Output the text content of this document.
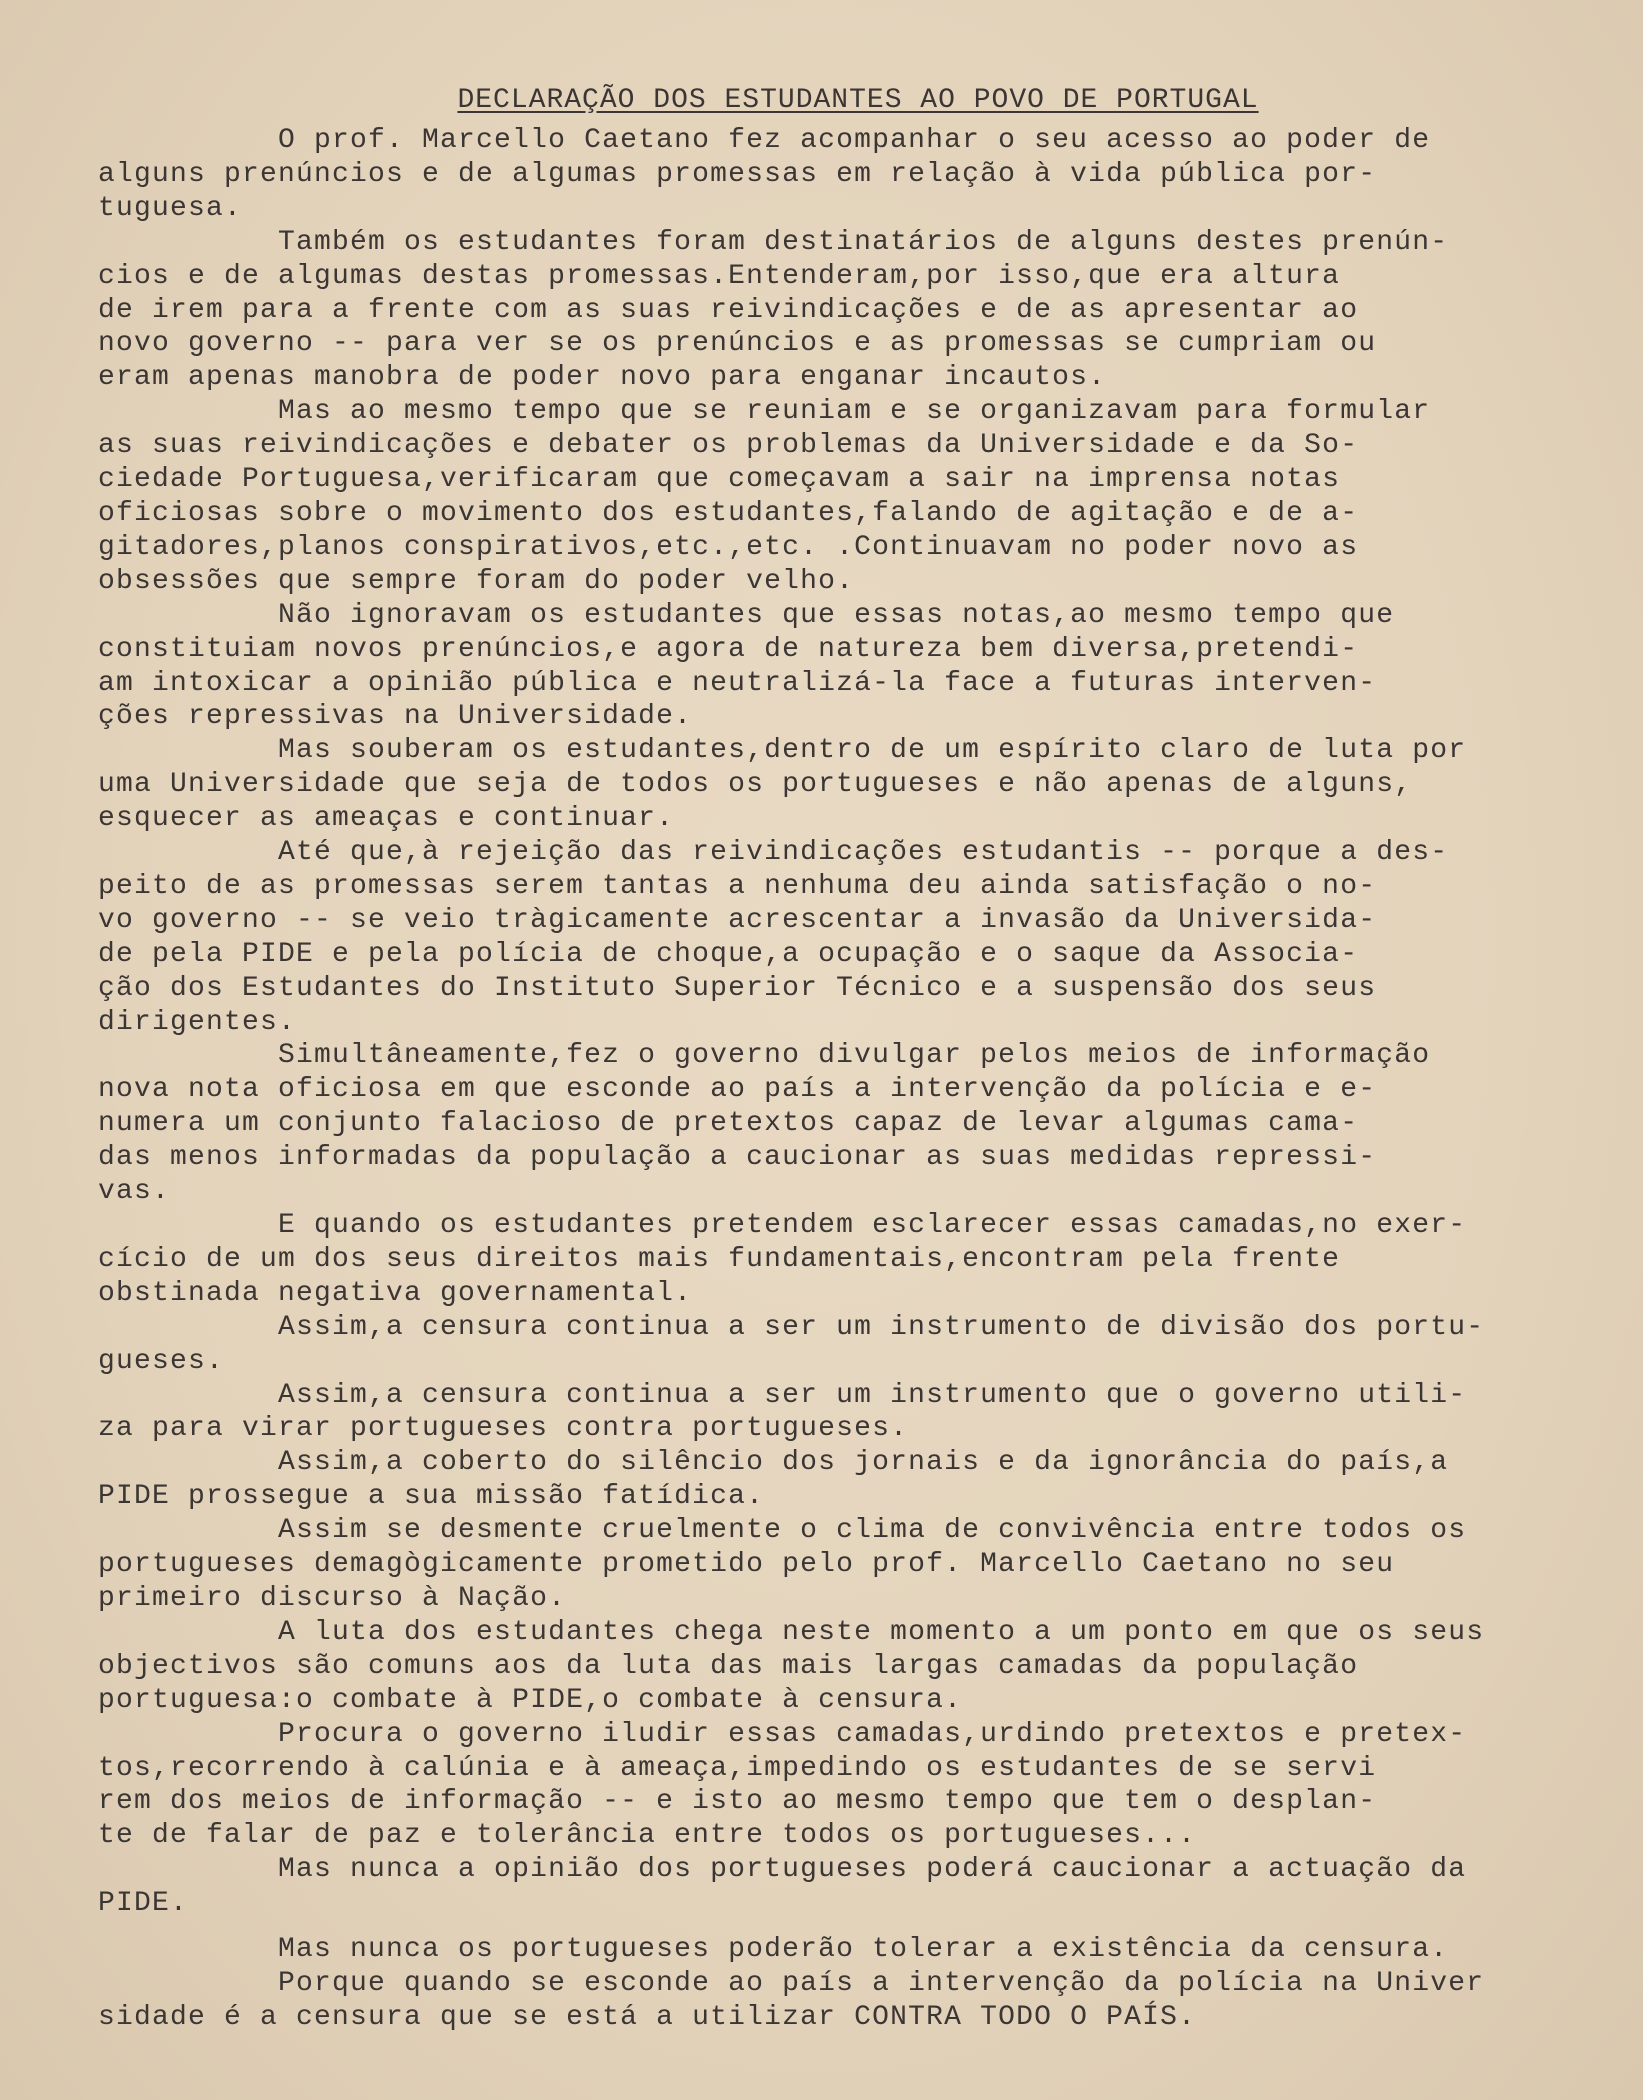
DECLARAÇÃO DOS ESTUDANTES AO POVO DE PORTUGAL
O prof. Marcello Caetano fez acompanhar o seu acesso ao poder de
alguns prenúncios e de algumas promessas em relação à vida pública por-
tuguesa.
Também os estudantes foram destinatários de alguns destes prenún-
cios e de algumas destas promessas.Entenderam,por isso,que era altura
de irem para a frente com as suas reivindicações e de as apresentar ao
novo governo -- para ver se os prenúncios e as promessas se cumpriam ou
eram apenas manobra de poder novo para enganar incautos.
Mas ao mesmo tempo que se reuniam e se organizavam para formular
as suas reivindicações e debater os problemas da Universidade e da So-
ciedade Portuguesa,verificaram que começavam a sair na imprensa notas
oficiosas sobre o movimento dos estudantes,falando de agitação e de a-
gitadores,planos conspirativos,etc.,etc. .Continuavam no poder novo as
obsessões que sempre foram do poder velho.
Não ignoravam os estudantes que essas notas,ao mesmo tempo que
constituiam novos prenúncios,e agora de natureza bem diversa,pretendi-
am intoxicar a opinião pública e neutralizá-la face a futuras interven-
ções repressivas na Universidade.
Mas souberam os estudantes,dentro de um espírito claro de luta por
uma Universidade que seja de todos os portugueses e não apenas de alguns,
esquecer as ameaças e continuar.
Até que,à rejeição das reivindicações estudantis -- porque a des-
peito de as promessas serem tantas a nenhuma deu ainda satisfação o no-
vo governo -- se veio tràgicamente acrescentar a invasão da Universida-
de pela PIDE e pela polícia de choque,a ocupação e o saque da Associa-
ção dos Estudantes do Instituto Superior Técnico e a suspensão dos seus
dirigentes.
Simultâneamente,fez o governo divulgar pelos meios de informação
nova nota oficiosa em que esconde ao país a intervenção da polícia e e-
numera um conjunto falacioso de pretextos capaz de levar algumas cama-
das menos informadas da população a caucionar as suas medidas repressi-
vas.
E quando os estudantes pretendem esclarecer essas camadas,no exer-
cício de um dos seus direitos mais fundamentais,encontram pela frente
obstinada negativa governamental.
Assim,a censura continua a ser um instrumento de divisão dos portu-
gueses.
Assim,a censura continua a ser um instrumento que o governo utili-
za para virar portugueses contra portugueses.
Assim,a coberto do silêncio dos jornais e da ignorância do país,a
PIDE prossegue a sua missão fatídica.
Assim se desmente cruelmente o clima de convivência entre todos os
portugueses demagògicamente prometido pelo prof. Marcello Caetano no seu
primeiro discurso à Nação.
A luta dos estudantes chega neste momento a um ponto em que os seus
objectivos são comuns aos da luta das mais largas camadas da população
portuguesa:o combate à PIDE,o combate à censura.
Procura o governo iludir essas camadas,urdindo pretextos e pretex-
tos,recorrendo à calúnia e à ameaça,impedindo os estudantes de se servi
rem dos meios de informação -- e isto ao mesmo tempo que tem o desplan-
te de falar de paz e tolerância entre todos os portugueses...
Mas nunca a opinião dos portugueses poderá caucionar a actuação da
PIDE.
Mas nunca os portugueses poderão tolerar a existência da censura.
Porque quando se esconde ao país a intervenção da polícia na Univer
sidade é a censura que se está a utilizar CONTRA TODO O PAÍS.
